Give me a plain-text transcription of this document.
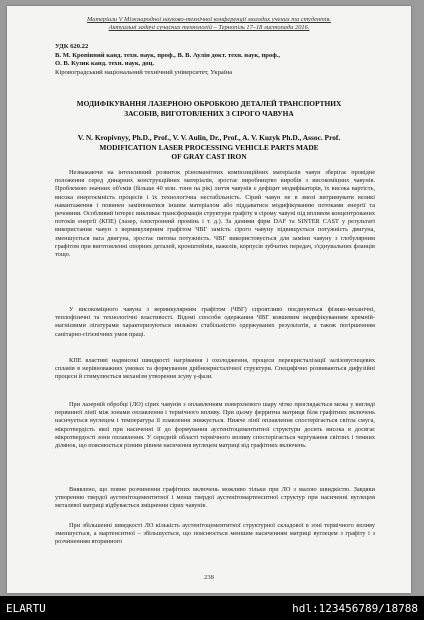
Матеріали V Міжнародної науково-технічної конференції молодих учених та студентів.
Актуальні задачі сучасних технологій – Тернопіль 17–18 листопада 2016.
УДК 620.22
В. М. Кропівний канд. техн. наук, проф., В. В. Аулін докт. техн. наук, проф.,
О. В. Кузик канд. техн. наук, доц.
Кіровоградський національний технічний університет, Україна
МОДИФІКУВАННЯ ЛАЗЕРНОЮ ОБРОБКОЮ ДЕТАЛЕЙ ТРАНСПОРТНИХ
ЗАСОБІВ, ВИГОТОВЛЕНИХ З СІРОГО ЧАВУНА
V. N. Kropivnyy, Ph.D., Prof., V. V. Aulin, Dr., Prof., A. V. Kuzyk Ph.D., Assoc. Prof.
MODIFICATION LASER PROCESSING VEHICLE PARTS MADE
OF GRAY CAST IRON

Незважаючи на інтенсивний розвиток різноманітних композиційних матеріалів чавун зберігає провідне положення серед динарних конструкційних матеріалів, зростає виробництво виробів з високоміцних чавунів. Проблемою значних об'ємів (більше 40 млн. тонн на рік) лиття чавунів є дефіцит модифікаторів, їх висока вартість, висока енергоємність процесів і їх технологічна нестабільність. Сірий чавун не в змозі витримувати великі навантаження і повинен замінюватися іншим матеріалом або піддаватися модифікуванню потоками енергії та речовини. Особливий інтерес викликає трансформація структури графіту в сірому чавуні під впливом концентрованих потоків енергії (КПЕ) (лазер, електронний промінь і т. д.). За даними фірм DAF та SINTER CAST у результаті використання чавун з вермикулярним графітом ЧВГ замість сірого чавуну підвищується потужність двигуна, зменшується вага двигуна, зростає питома потужність. ЧВГ використовується для заміни чавуну з глобулярним графітом при виготовленні опорних деталей, кронштейнів, важелів, корпусів зубчатих передач, з'єднувальних фланців тощо.

У високоміцного чавуна з вермикулярним графітом (ЧВГ) спроятливо поєднуються фізико-механічні, теплофізичні та технологічні властивості. Відомі способи одержання ЧВГ ковшевим модифікуванням кремній-магнієвими лігатурами характеризуються низькою стабільністю одержуваних результатів, а також погіршенням санітарно-гігієнічних умов праці.

КПЕ властиві надвисокі швидкості нагрівання і охолодження, процеси перекристалізації залізовуглецевих сплавів в нерівноважних умовах та формування дрібнокристалічної структури. Специфічно розвиваються дифузійні процеси й стимулюється механізм утворення зсуву γ-фази.

При лазерній обробці (ЛО) сірих чавунів з оплавленням поверхневого шару чітко проглядається межа у вигляді первинної лінії між зонами оплавлення і термічного впливу. При цьому ферритна матриця біля графітних включень насичується вуглецем і температура її плавлення знижується. Нижче лінії оплавлення спостерігається світла смуга, мікротвердість якої при насиченні її до формування аустенітоцементитної структури досить висока в досягає мікротвердості зони оплавлення. У середній області термічного впливу спостерігається чергування світлих і темних ділянок, що пояснюється різним рівнем насичення вуглецем матриці від графітних включень.

Виявлено, що повне розчинення графітних включень можливо тільки при ЛО з малою швидкістю. Завдяки утворенню твердої аустенітоцементитної і менш твердої аустенітомартенситної структур при насиченні вуглецем металевої матриці відбувається зміцнення сірих чавунів.

При збільшенні швидкості ЛО кількість аустенітоцементитної структурної складової в зоні термічного впливу зменшується, а мартенситної – збільшується, що пояснюється меншим насиченням матриці вуглецем з графіту і з розчиненням вторинного

238
ELARTU	hdl:123456789/18788
